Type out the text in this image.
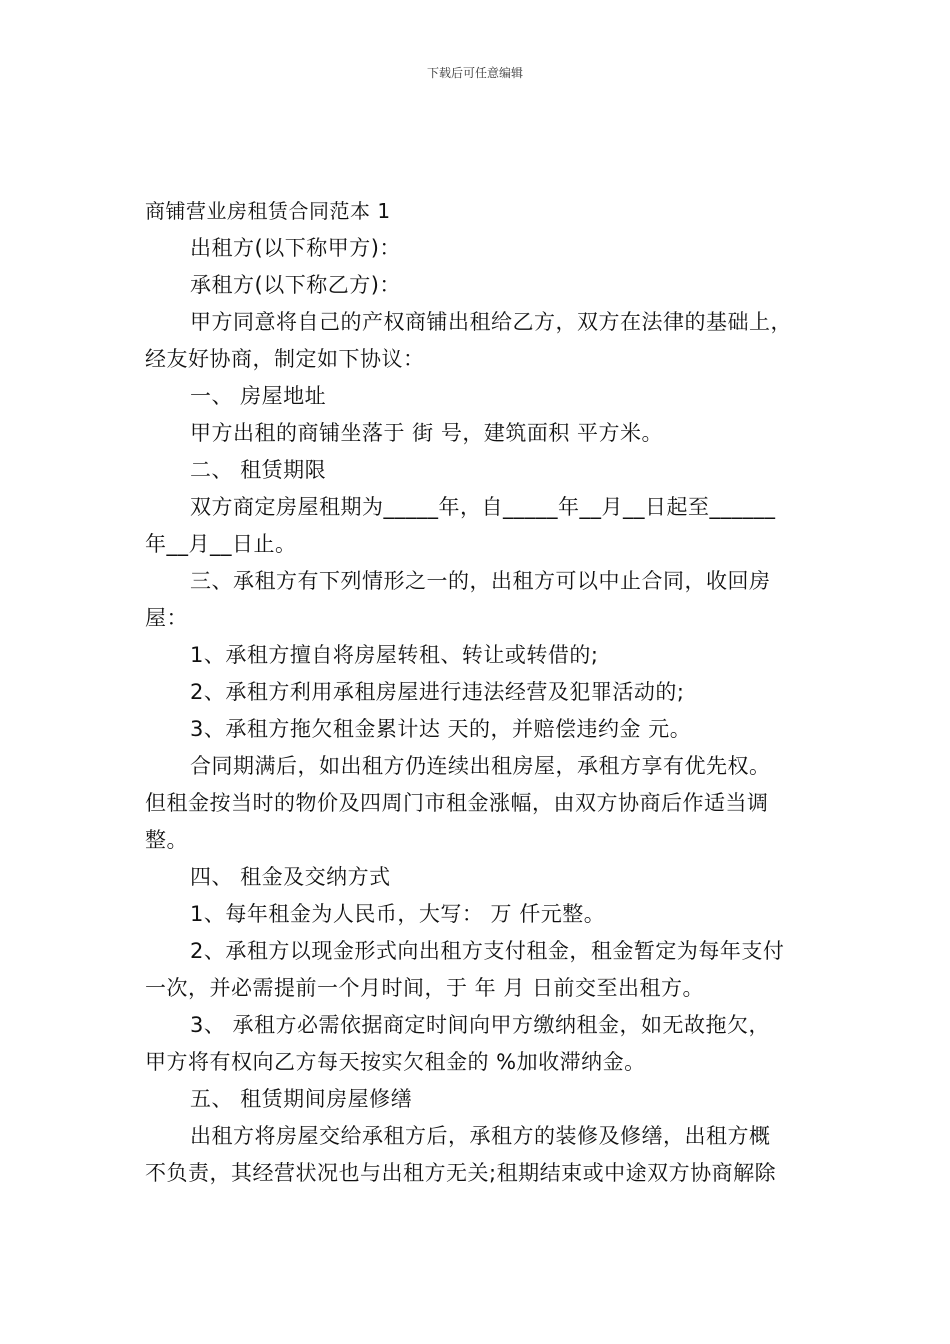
下载后可任意编辑
商铺营业房租赁合同范本 1
出租方(以下称甲方)：
承租方(以下称乙方)：
甲方同意将自己的产权商铺出租给乙方，双方在法律的基础上，
经友好协商，制定如下协议：
一、 房屋地址
甲方出租的商铺坐落于 街 号，建筑面积 平方米。
二、 租赁期限
双方商定房屋租期为_____年，自_____年__月__日起至______
年__月__日止。
三、承租方有下列情形之一的，出租方可以中止合同，收回房
屋：
1、承租方擅自将房屋转租、转让或转借的;
2、承租方利用承租房屋进行违法经营及犯罪活动的;
3、承租方拖欠租金累计达 天的，并赔偿违约金 元。
合同期满后，如出租方仍连续出租房屋，承租方享有优先权。
但租金按当时的物价及四周门市租金涨幅，由双方协商后作适当调
整。
四、 租金及交纳方式
1、每年租金为人民币，大写： 万 仟元整。
2、承租方以现金形式向出租方支付租金，租金暂定为每年支付
一次，并必需提前一个月时间，于 年 月 日前交至出租方。
3、 承租方必需依据商定时间向甲方缴纳租金，如无故拖欠，
甲方将有权向乙方每天按实欠租金的 %加收滞纳金。
五、 租赁期间房屋修缮
出租方将房屋交给承租方后，承租方的装修及修缮，出租方概
不负责，其经营状况也与出租方无关;租期结束或中途双方协商解除
